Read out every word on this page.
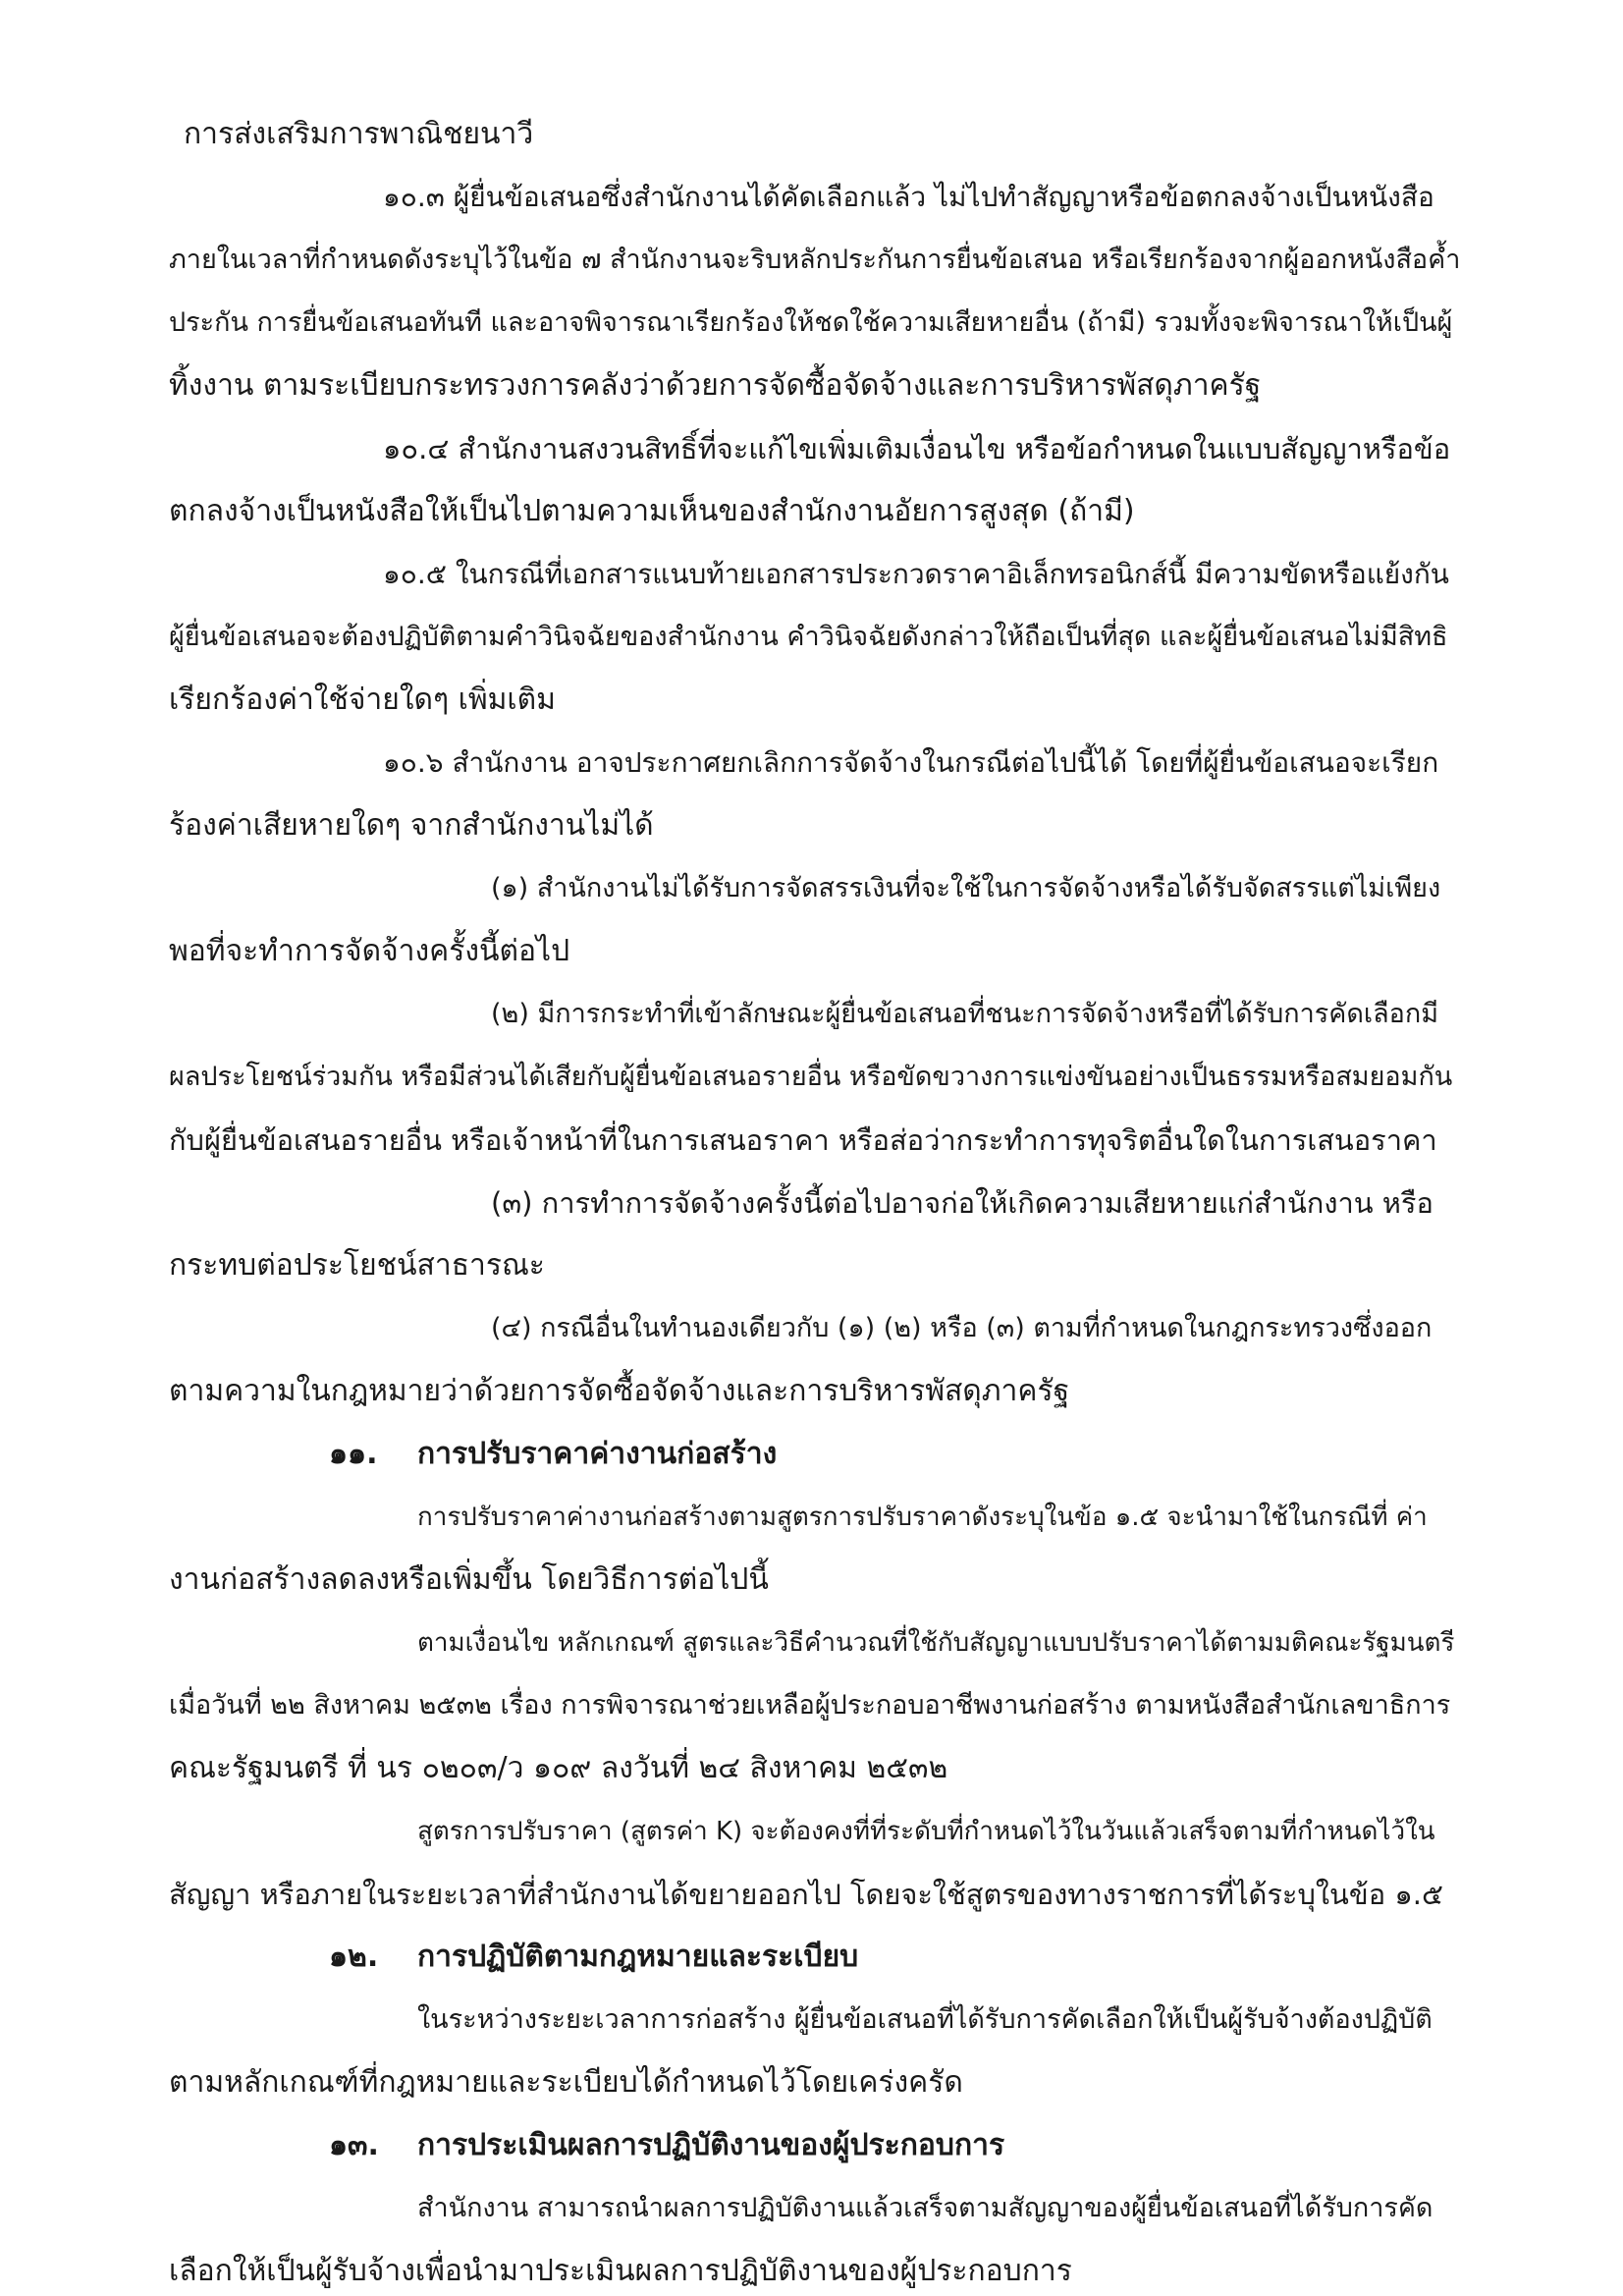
การส่งเสริมการพาณิชยนาวี
๑๐.๓ ผู้ยื่นข้อเสนอซึ่งสำนักงานได้คัดเลือกแล้ว ไม่ไปทำสัญญาหรือข้อตกลงจ้างเป็นหนังสือ
ภายในเวลาที่กำหนดดังระบุไว้ในข้อ ๗ สำนักงานจะริบหลักประกันการยื่นข้อเสนอ หรือเรียกร้องจากผู้ออกหนังสือค้ำ
ประกัน การยื่นข้อเสนอทันที และอาจพิจารณาเรียกร้องให้ชดใช้ความเสียหายอื่น (ถ้ามี) รวมทั้งจะพิจารณาให้เป็นผู้
ทิ้งงาน ตามระเบียบกระทรวงการคลังว่าด้วยการจัดซื้อจัดจ้างและการบริหารพัสดุภาครัฐ
๑๐.๔ สำนักงานสงวนสิทธิ์ที่จะแก้ไขเพิ่มเติมเงื่อนไข หรือข้อกำหนดในแบบสัญญาหรือข้อ
ตกลงจ้างเป็นหนังสือให้เป็นไปตามความเห็นของสำนักงานอัยการสูงสุด (ถ้ามี)
๑๐.๕ ในกรณีที่เอกสารแนบท้ายเอกสารประกวดราคาอิเล็กทรอนิกส์นี้ มีความขัดหรือแย้งกัน
ผู้ยื่นข้อเสนอจะต้องปฏิบัติตามคำวินิจฉัยของสำนักงาน คำวินิจฉัยดังกล่าวให้ถือเป็นที่สุด และผู้ยื่นข้อเสนอไม่มีสิทธิ
เรียกร้องค่าใช้จ่ายใดๆ เพิ่มเติม
๑๐.๖ สำนักงาน อาจประกาศยกเลิกการจัดจ้างในกรณีต่อไปนี้ได้ โดยที่ผู้ยื่นข้อเสนอจะเรียก
ร้องค่าเสียหายใดๆ จากสำนักงานไม่ได้
(๑) สำนักงานไม่ได้รับการจัดสรรเงินที่จะใช้ในการจัดจ้างหรือได้รับจัดสรรแต่ไม่เพียง
พอที่จะทำการจัดจ้างครั้งนี้ต่อไป
(๒) มีการกระทำที่เข้าลักษณะผู้ยื่นข้อเสนอที่ชนะการจัดจ้างหรือที่ได้รับการคัดเลือกมี
ผลประโยชน์ร่วมกัน หรือมีส่วนได้เสียกับผู้ยื่นข้อเสนอรายอื่น หรือขัดขวางการแข่งขันอย่างเป็นธรรมหรือสมยอมกัน
กับผู้ยื่นข้อเสนอรายอื่น หรือเจ้าหน้าที่ในการเสนอราคา หรือส่อว่ากระทำการทุจริตอื่นใดในการเสนอราคา
(๓) การทำการจัดจ้างครั้งนี้ต่อไปอาจก่อให้เกิดความเสียหายแก่สำนักงาน หรือ
กระทบต่อประโยชน์สาธารณะ
(๔) กรณีอื่นในทำนองเดียวกับ (๑) (๒) หรือ (๓) ตามที่กำหนดในกฎกระทรวงซึ่งออก
ตามความในกฎหมายว่าด้วยการจัดซื้อจัดจ้างและการบริหารพัสดุภาครัฐ
๑๑. การปรับราคาค่างานก่อสร้าง
การปรับราคาค่างานก่อสร้างตามสูตรการปรับราคาดังระบุในข้อ ๑.๕ จะนำมาใช้ในกรณีที่ ค่า
งานก่อสร้างลดลงหรือเพิ่มขึ้น โดยวิธีการต่อไปนี้
ตามเงื่อนไข หลักเกณฑ์ สูตรและวิธีคำนวณที่ใช้กับสัญญาแบบปรับราคาได้ตามมติคณะรัฐมนตรี
เมื่อวันที่ ๒๒ สิงหาคม ๒๕๓๒ เรื่อง การพิจารณาช่วยเหลือผู้ประกอบอาชีพงานก่อสร้าง ตามหนังสือสำนักเลขาธิการ
คณะรัฐมนตรี ที่ นร ๐๒๐๓/ว ๑๐๙ ลงวันที่ ๒๔ สิงหาคม ๒๕๓๒
สูตรการปรับราคา (สูตรค่า K) จะต้องคงที่ที่ระดับที่กำหนดไว้ในวันแล้วเสร็จตามที่กำหนดไว้ใน
สัญญา หรือภายในระยะเวลาที่สำนักงานได้ขยายออกไป โดยจะใช้สูตรของทางราชการที่ได้ระบุในข้อ ๑.๕
๑๒. การปฏิบัติตามกฎหมายและระเบียบ
ในระหว่างระยะเวลาการก่อสร้าง ผู้ยื่นข้อเสนอที่ได้รับการคัดเลือกให้เป็นผู้รับจ้างต้องปฏิบัติ
ตามหลักเกณฑ์ที่กฎหมายและระเบียบได้กำหนดไว้โดยเคร่งครัด
๑๓. การประเมินผลการปฏิบัติงานของผู้ประกอบการ
สำนักงาน สามารถนำผลการปฏิบัติงานแล้วเสร็จตามสัญญาของผู้ยื่นข้อเสนอที่ได้รับการคัด
เลือกให้เป็นผู้รับจ้างเพื่อนำมาประเมินผลการปฏิบัติงานของผู้ประกอบการ
